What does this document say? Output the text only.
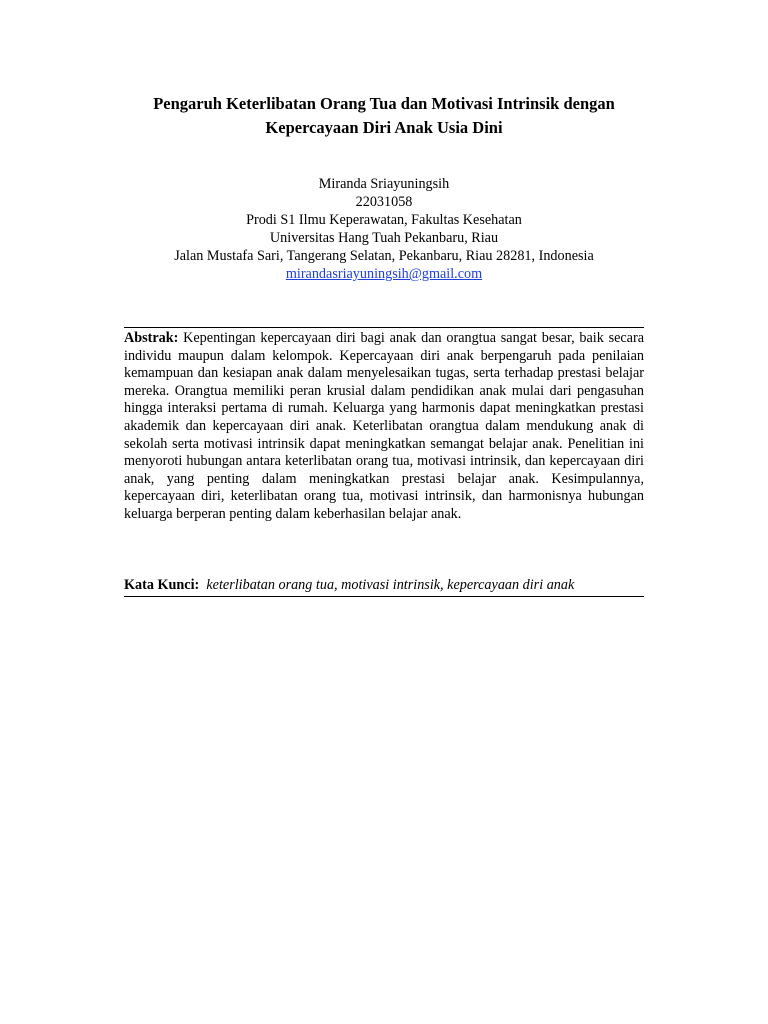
Pengaruh Keterlibatan Orang Tua dan Motivasi Intrinsik dengan
Kepercayaan Diri Anak Usia Dini
Miranda Sriayuningsih
22031058
Prodi S1 Ilmu Keperawatan, Fakultas Kesehatan
Universitas Hang Tuah Pekanbaru, Riau
Jalan Mustafa Sari, Tangerang Selatan, Pekanbaru, Riau 28281, Indonesia
mirandasriayuningsih@gmail.com

Abstrak: Kepentingan kepercayaan diri bagi anak dan orangtua sangat besar, baik secara individu maupun dalam kelompok. Kepercayaan diri anak berpengaruh pada penilaian kemampuan dan kesiapan anak dalam menyelesaikan tugas, serta terhadap prestasi belajar mereka. Orangtua memiliki peran krusial dalam pendidikan anak mulai dari pengasuhan hingga interaksi pertama di rumah. Keluarga yang harmonis dapat meningkatkan prestasi akademik dan kepercayaan diri anak. Keterlibatan orangtua dalam mendukung anak di sekolah serta motivasi intrinsik dapat meningkatkan semangat belajar anak. Penelitian ini menyoroti hubungan antara keterlibatan orang tua, motivasi intrinsik, dan kepercayaan diri anak, yang penting dalam meningkatkan prestasi belajar anak. Kesimpulannya, kepercayaan diri, keterlibatan orang tua, motivasi intrinsik, dan harmonisnya hubungan keluarga berperan penting dalam keberhasilan belajar anak.

Kata Kunci: keterlibatan orang tua, motivasi intrinsik, kepercayaan diri anak
